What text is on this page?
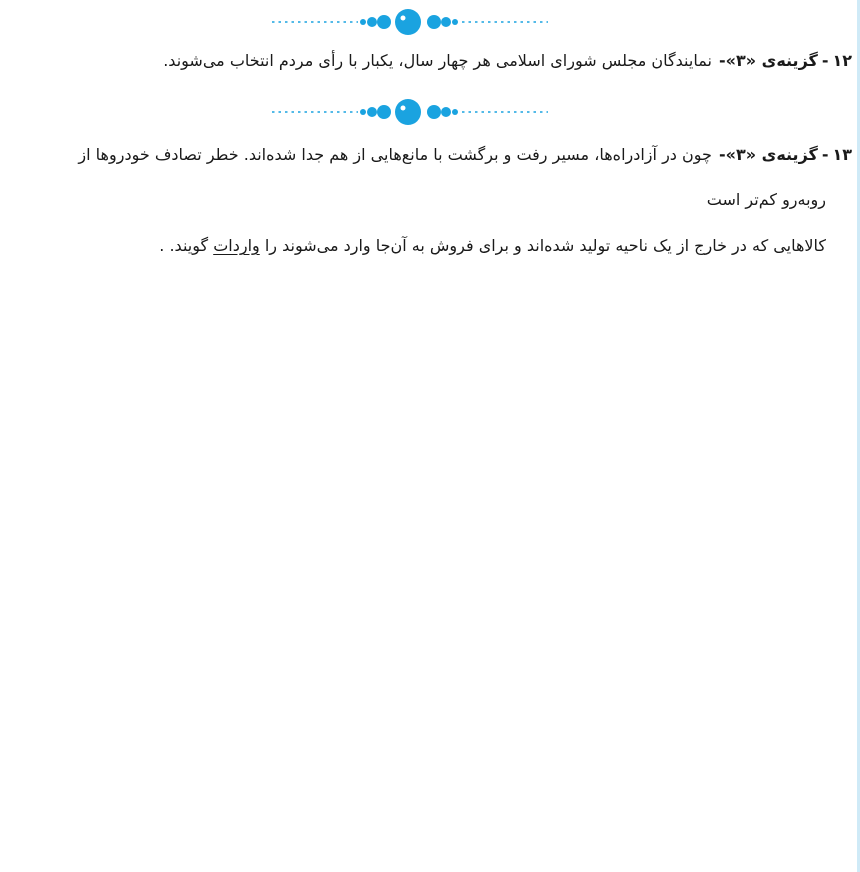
۱۲-گزینه‌ی «۳»- نمایندگان مجلس شورای اسلامی هر چهار سال، یکبار با رأی مردم انتخاب می‌شوند.
۱۳-گزینه‌ی «۳»- چون در آزادراه‌ها، مسیر رفت و برگشت با مانع‌هایی از هم جدا شده‌اند. خطر تصادف خودروها از
روبه‌رو کم‌تر است
کالاهایی که در خارج از یک ناحیه تولید شده‌اند و برای فروش به آن‌جا وارد می‌شوند را واردات گویند. .
